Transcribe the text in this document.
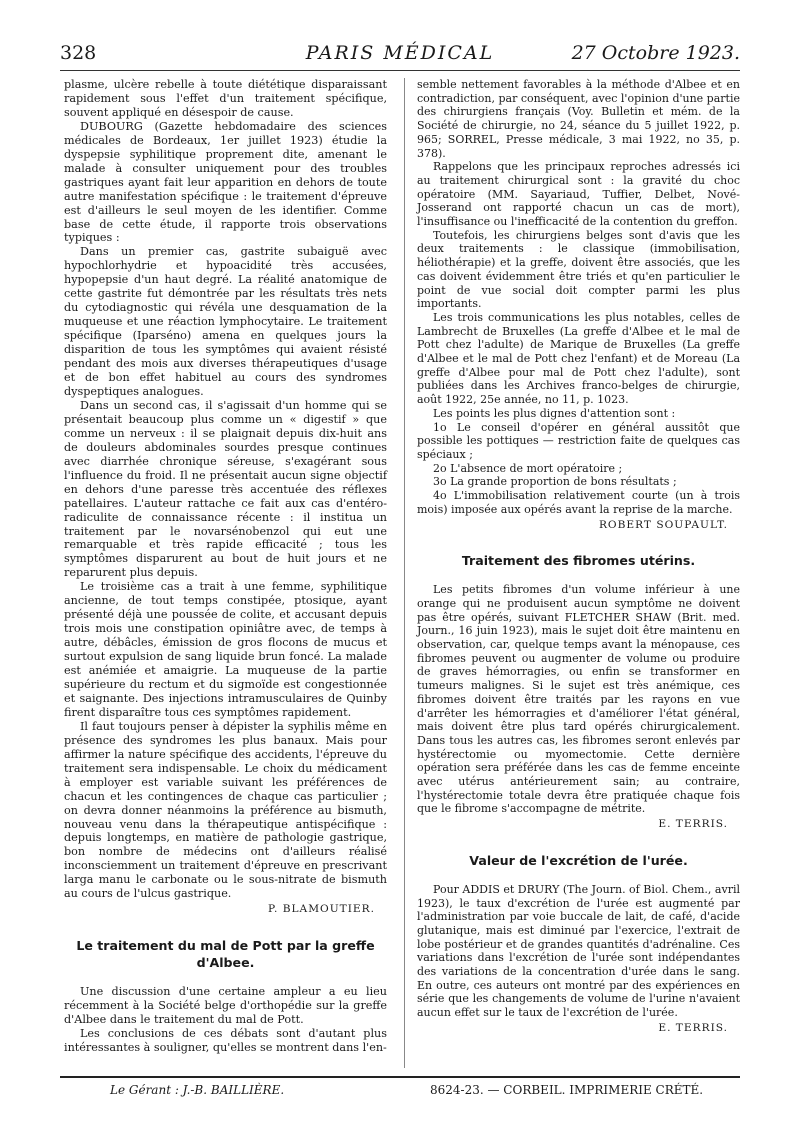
328	PARIS MÉDICAL	27 Octobre 1923.

plasme, ulcère rebelle à toute diététique disparaissant rapidement sous l'effet d'un traitement spécifique, souvent appliqué en désespoir de cause.

DUBOURG (Gazette hebdomadaire des sciences médicales de Bordeaux, 1er juillet 1923) étudie la dyspepsie syphilitique proprement dite, amenant le malade à consulter uniquement pour des troubles gastriques ayant fait leur apparition en dehors de toute autre manifestation spécifique : le traitement d'épreuve est d'ailleurs le seul moyen de les identifier. Comme base de cette étude, il rapporte trois observations typiques :

Dans un premier cas, gastrite subaiguë avec hypochlorhydrie et hypoacidité très accusées, hypopepsie d'un haut degré. La réalité anatomique de cette gastrite fut démontrée par les résultats très nets du cytodiagnostic qui révéla une desquamation de la muqueuse et une réaction lymphocytaire. Le traitement spécifique (Iparséno) amena en quelques jours la disparition de tous les symptômes qui avaient résisté pendant des mois aux diverses thérapeutiques d'usage et de bon effet habituel au cours des syndromes dyspeptiques analogues.

Dans un second cas, il s'agissait d'un homme qui se présentait beaucoup plus comme un « digestif » que comme un nerveux : il se plaignait depuis dix-huit ans de douleurs abdominales sourdes presque continues avec diarrhée chronique séreuse, s'exagérant sous l'influence du froid. Il ne présentait aucun signe objectif en dehors d'une paresse très accentuée des réflexes patellaires. L'auteur rattache ce fait aux cas d'entéro-radiculite de connaissance récente : il institua un traitement par le novarsénobenzol qui eut une remarquable et très rapide efficacité ; tous les symptômes disparurent au bout de huit jours et ne reparurent plus depuis.

Le troisième cas a trait à une femme, syphilitique ancienne, de tout temps constipée, ptosique, ayant présenté déjà une poussée de colite, et accusant depuis trois mois une constipation opiniâtre avec, de temps à autre, débâcles, émission de gros flocons de mucus et surtout expulsion de sang liquide brun foncé. La malade est anémiée et amaigrie. La muqueuse de la partie supérieure du rectum et du sigmoïde est congestionnée et saignante. Des injections intramusculaires de Quinby firent disparaître tous ces symptômes rapidement.

Il faut toujours penser à dépister la syphilis même en présence des syndromes les plus banaux. Mais pour affirmer la nature spécifique des accidents, l'épreuve du traitement sera indispensable. Le choix du médicament à employer est variable suivant les préférences de chacun et les contingences de chaque cas particulier ; on devra donner néanmoins la préférence au bismuth, nouveau venu dans la thérapeutique antispécifique : depuis longtemps, en matière de pathologie gastrique, bon nombre de médecins ont d'ailleurs réalisé inconsciemment un traitement d'épreuve en prescrivant larga manu le carbonate ou le sous-nitrate de bismuth au cours de l'ulcus gastrique.

P. BLAMOUTIER.
Le traitement du mal de Pott par la greffe d'Albee.

Une discussion d'une certaine ampleur a eu lieu récemment à la Société belge d'orthopédie sur la greffe d'Albee dans le traitement du mal de Pott.

Les conclusions de ces débats sont d'autant plus intéressantes à souligner, qu'elles se montrent dans l'en-

semble nettement favorables à la méthode d'Albee et en contradiction, par conséquent, avec l'opinion d'une partie des chirurgiens français (Voy. Bulletin et mém. de la Société de chirurgie, no 24, séance du 5 juillet 1922, p. 965; SORREL, Presse médicale, 3 mai 1922, no 35, p. 378).

Rappelons que les principaux reproches adressés ici au traitement chirurgical sont : la gravité du choc opératoire (MM. Sayariaud, Tuffier, Delbet, Nové-Josserand ont rapporté chacun un cas de mort), l'insuffisance ou l'inefficacité de la contention du greffon.

Toutefois, les chirurgiens belges sont d'avis que les deux traitements : le classique (immobilisation, héliothérapie) et la greffe, doivent être associés, que les cas doivent évidemment être triés et qu'en particulier le point de vue social doit compter parmi les plus importants.

Les trois communications les plus notables, celles de Lambrecht de Bruxelles (La greffe d'Albee et le mal de Pott chez l'adulte) de Marique de Bruxelles (La greffe d'Albee et le mal de Pott chez l'enfant) et de Moreau (La greffe d'Albee pour mal de Pott chez l'adulte), sont publiées dans les Archives franco-belges de chirurgie, août 1922, 25e année, no 11, p. 1023.

Les points les plus dignes d'attention sont :

1o Le conseil d'opérer en général aussitôt que possible les pottiques — restriction faite de quelques cas spéciaux ;

2o L'absence de mort opératoire ;

3o La grande proportion de bons résultats ;

4o L'immobilisation relativement courte (un à trois mois) imposée aux opérés avant la reprise de la marche.

ROBERT SOUPAULT.
Traitement des fibromes utérins.

Les petits fibromes d'un volume inférieur à une orange qui ne produisent aucun symptôme ne doivent pas être opérés, suivant FLETCHER SHAW (Brit. med. Journ., 16 juin 1923), mais le sujet doit être maintenu en observation, car, quelque temps avant la ménopause, ces fibromes peuvent ou augmenter de volume ou produire de graves hémorragies, ou enfin se transformer en tumeurs malignes. Si le sujet est très anémique, ces fibromes doivent être traités par les rayons en vue d'arrêter les hémorragies et d'améliorer l'état général, mais doivent être plus tard opérés chirurgicalement. Dans tous les autres cas, les fibromes seront enlevés par hystérectomie ou myomectomie. Cette dernière opération sera préférée dans les cas de femme enceinte avec utérus antérieurement sain; au contraire, l'hystérectomie totale devra être pratiquée chaque fois que le fibrome s'accompagne de métrite.

E. TERRIS.
Valeur de l'excrétion de l'urée.

Pour ADDIS et DRURY (The Journ. of Biol. Chem., avril 1923), le taux d'excrétion de l'urée est augmenté par l'administration par voie buccale de lait, de café, d'acide glutanique, mais est diminué par l'exercice, l'extrait de lobe postérieur et de grandes quantités d'adrénaline. Ces variations dans l'excrétion de l'urée sont indépendantes des variations de la concentration d'urée dans le sang. En outre, ces auteurs ont montré par des expériences en série que les changements de volume de l'urine n'avaient aucun effet sur le taux de l'excrétion de l'urée.

E. TERRIS.
Le Gérant : J.-B. BAILLIÈRE.	8624-23. — CORBEIL. IMPRIMERIE CRÉTÉ.
